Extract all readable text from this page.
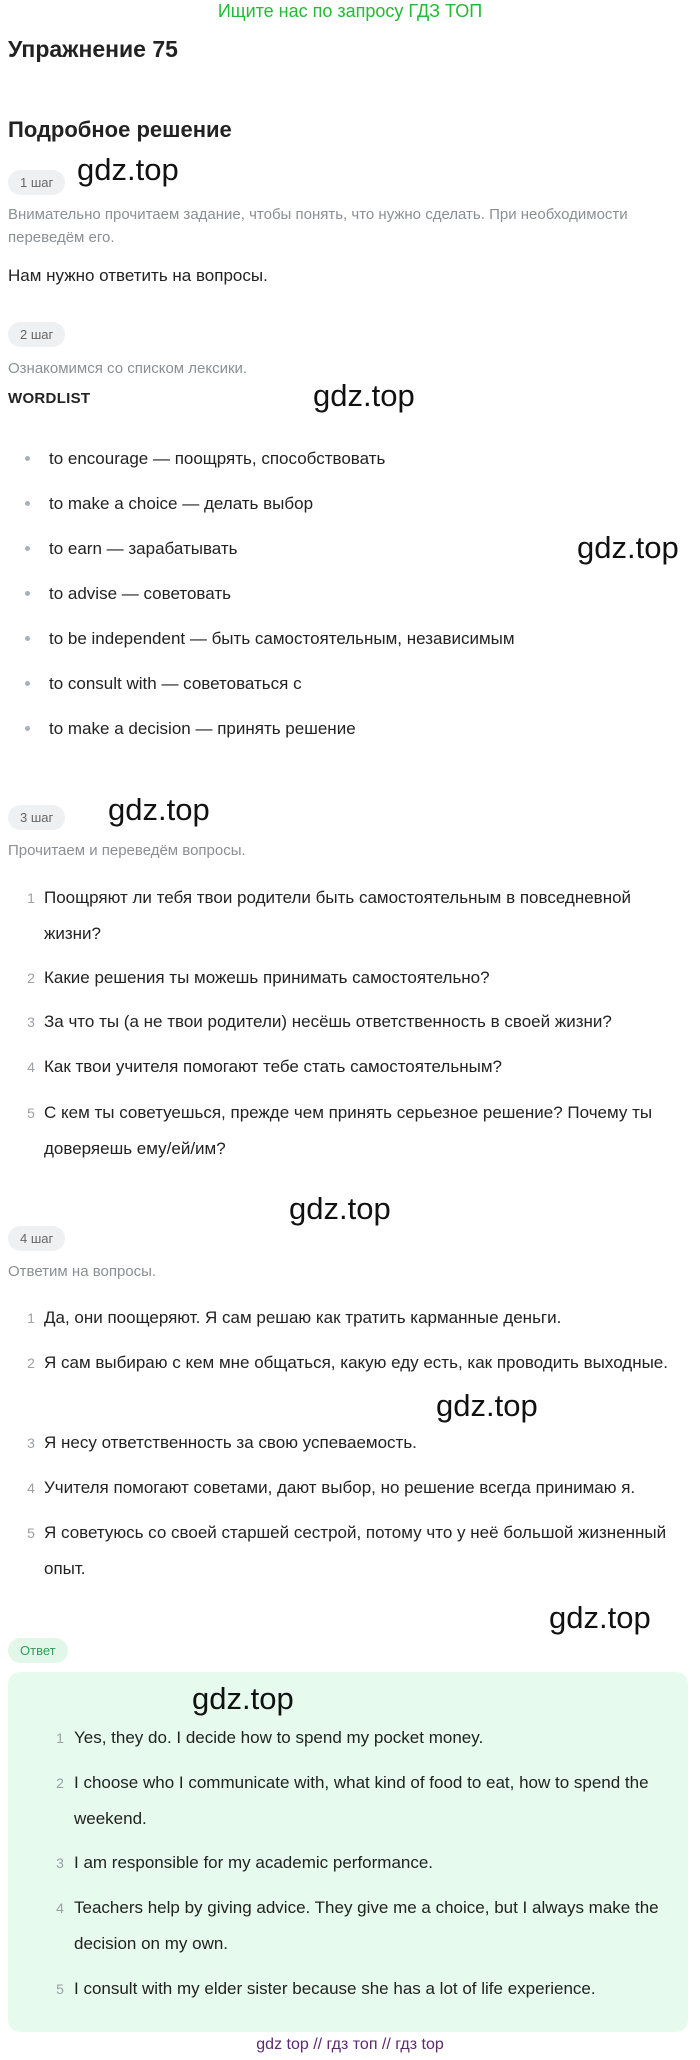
Ищите нас по запросу ГДЗ ТОП
Упражнение 75
Подробное решение
1 шаг

Внимательно прочитаем задание, чтобы понять, что нужно сделать. При необходимости переведём его.

Нам нужно ответить на вопросы.

2 шаг

Ознакомимся со списком лексики.

WORDLIST
to encourage — поощрять, способствовать
to make a choice — делать выбор
to earn — зарабатывать
to advise — советовать
to be independent — быть самостоятельным, независимым
to consult with — советоваться с
to make a decision — принять решение
3 шаг

Прочитаем и переведём вопросы.

1 Поощряют ли тебя твои родители быть самостоятельным в повседневной жизни?
2 Какие решения ты можешь принимать самостоятельно?
3 За что ты (а не твои родители) несёшь ответственность в своей жизни?
4 Как твои учителя помогают тебе стать самостоятельным?
5 С кем ты советуешься, прежде чем принять серьезное решение? Почему ты доверяешь ему/ей/им?
4 шаг

Ответим на вопросы.

1 Да, они поощеряют. Я сам решаю как тратить карманные деньги.
2 Я сам выбираю с кем мне общаться, какую еду есть, как проводить выходные.
3 Я несу ответственность за свою успеваемость.
4 Учителя помогают советами, дают выбор, но решение всегда принимаю я.
5 Я советуюсь со своей старшей сестрой, потому что у неё большой жизненный опыт.
Ответ
1 Yes, they do. I decide how to spend my pocket money.
2 I choose who I communicate with, what kind of food to eat, how to spend the weekend.
3 I am responsible for my academic performance.
4 Teachers help by giving advice. They give me a choice, but I always make the decision on my own.
5 I consult with my elder sister because she has a lot of life experience.
gdz.top
gdz.top
gdz.top
gdz.top
gdz.top
gdz.top
gdz.top
gdz.top
gdz top // гдз топ // гдз top
